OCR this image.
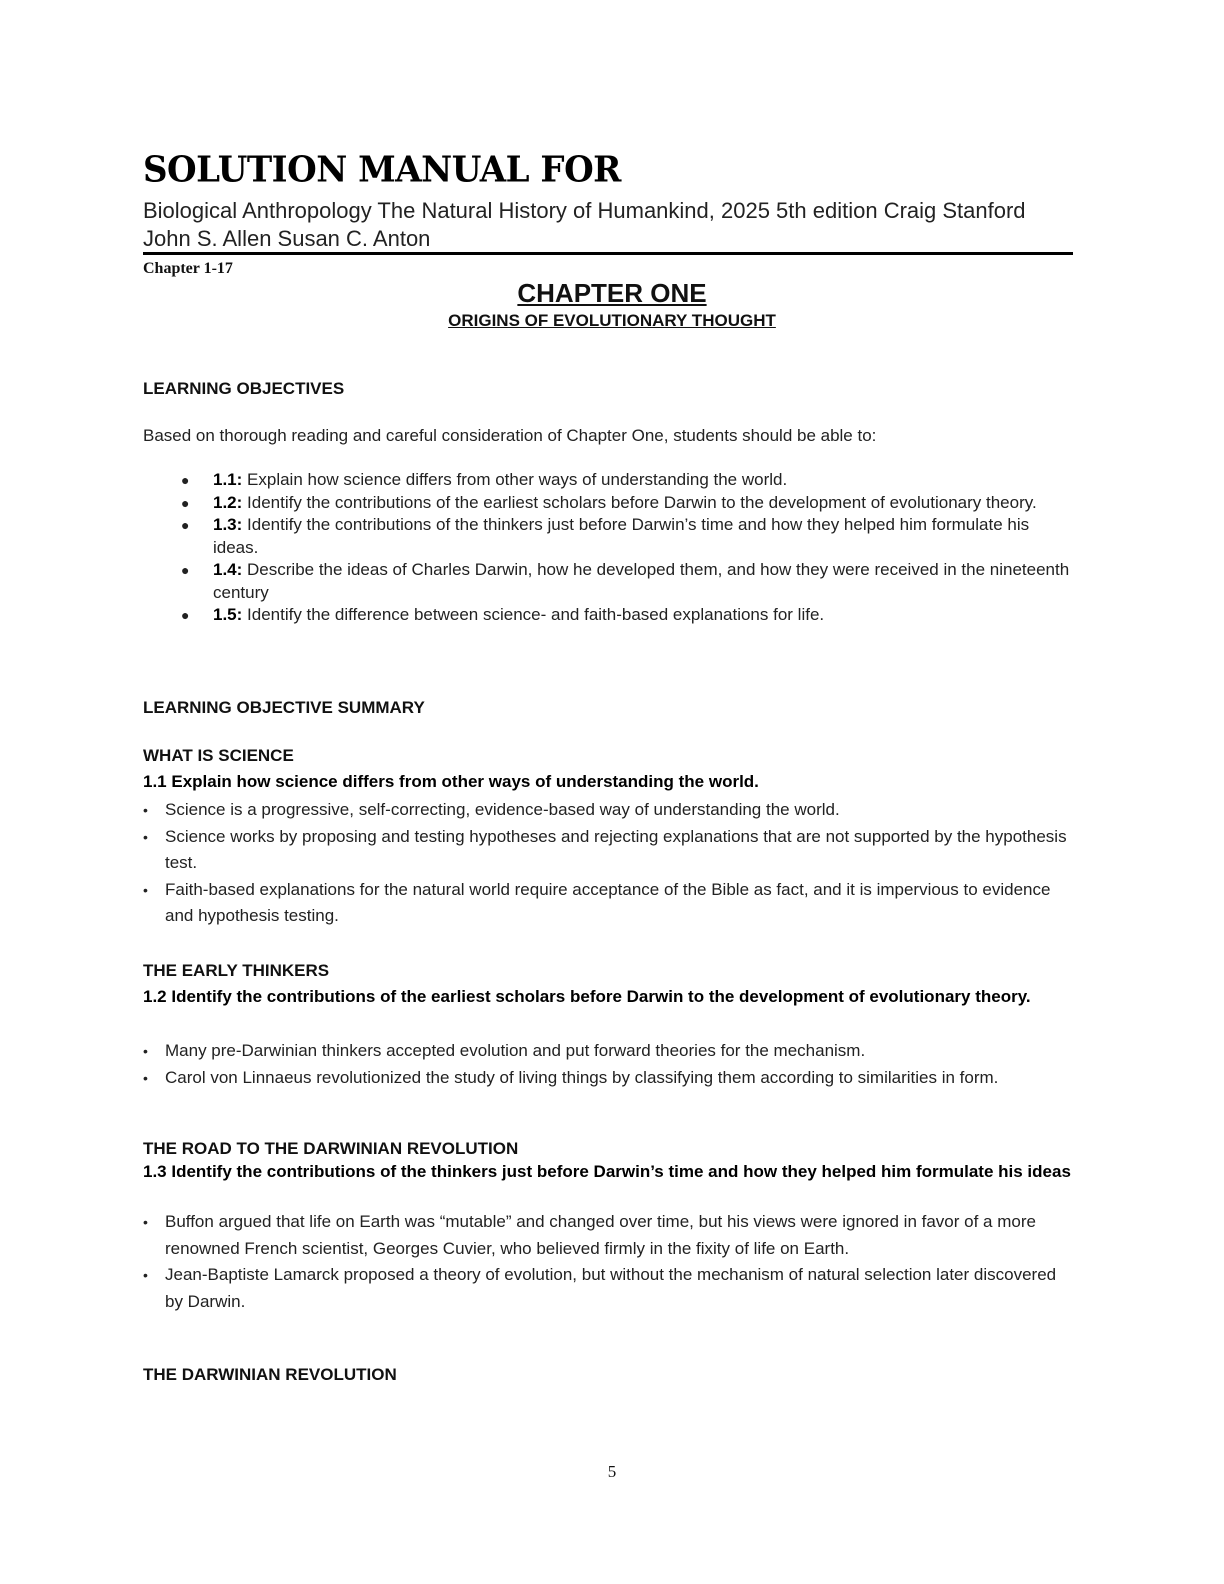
SOLUTION MANUAL FOR
Biological Anthropology The Natural History of Humankind, 2025 5th edition Craig Stanford John S. Allen Susan C. Anton
Chapter 1-17
CHAPTER ONE
ORIGINS OF EVOLUTIONARY THOUGHT
LEARNING OBJECTIVES
Based on thorough reading and careful consideration of Chapter One, students should be able to:
● 1.1: Explain how science differs from other ways of understanding the world.
● 1.2: Identify the contributions of the earliest scholars before Darwin to the development of evolutionary theory.
● 1.3: Identify the contributions of the thinkers just before Darwin’s time and how they helped him formulate his ideas.
● 1.4: Describe the ideas of Charles Darwin, how he developed them, and how they were received in the nineteenth century
● 1.5: Identify the difference between science- and faith-based explanations for life.
LEARNING OBJECTIVE SUMMARY
WHAT IS SCIENCE
1.1 Explain how science differs from other ways of understanding the world.
• Science is a progressive, self-correcting, evidence-based way of understanding the world.
• Science works by proposing and testing hypotheses and rejecting explanations that are not supported by the hypothesis test.
• Faith-based explanations for the natural world require acceptance of the Bible as fact, and it is impervious to evidence and hypothesis testing.
THE EARLY THINKERS
1.2 Identify the contributions of the earliest scholars before Darwin to the development of evolutionary theory.
• Many pre-Darwinian thinkers accepted evolution and put forward theories for the mechanism.
• Carol von Linnaeus revolutionized the study of living things by classifying them according to similarities in form.
THE ROAD TO THE DARWINIAN REVOLUTION
1.3 Identify the contributions of the thinkers just before Darwin’s time and how they helped him formulate his ideas
• Buffon argued that life on Earth was “mutable” and changed over time, but his views were ignored in favor of a more renowned French scientist, Georges Cuvier, who believed firmly in the fixity of life on Earth.
• Jean-Baptiste Lamarck proposed a theory of evolution, but without the mechanism of natural selection later discovered by Darwin.
THE DARWINIAN REVOLUTION
5
